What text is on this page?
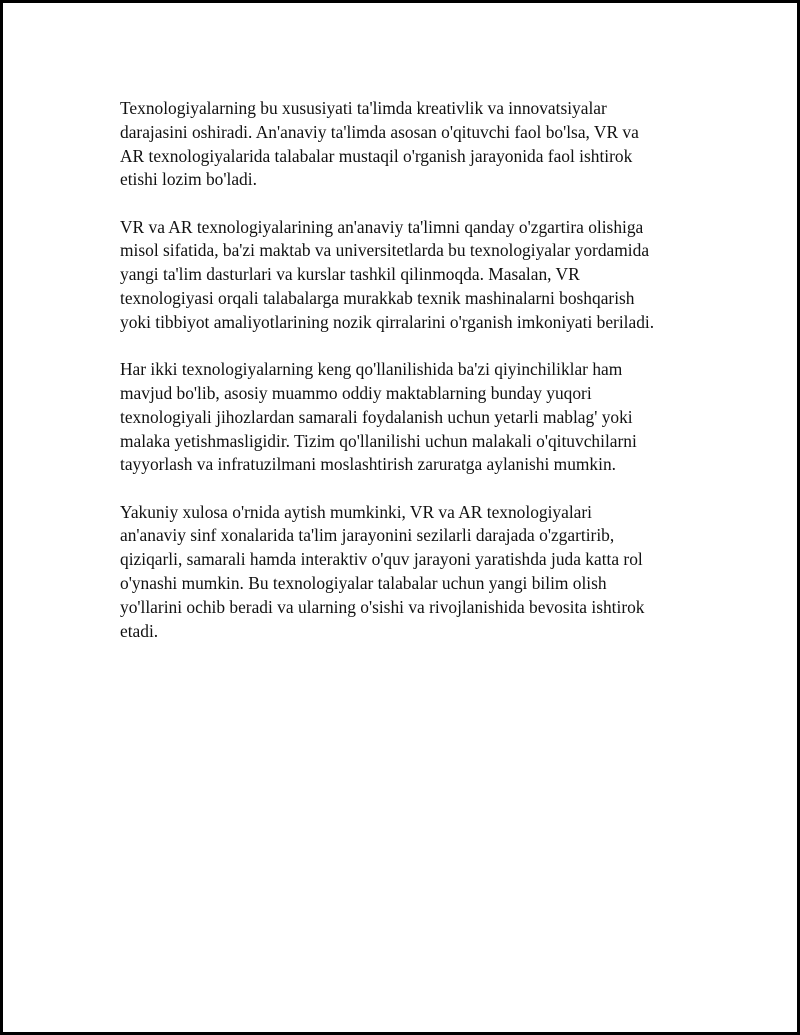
Texnologiyalarning bu xususiyati ta'limda kreativlik va innovatsiyalar
darajasini oshiradi. An'anaviy ta'limda asosan o'qituvchi faol bo'lsa, VR va
AR texnologiyalarida talabalar mustaqil o'rganish jarayonida faol ishtirok
etishi lozim bo'ladi.

VR va AR texnologiyalarining an'anaviy ta'limni qanday o'zgartira olishiga
misol sifatida, ba'zi maktab va universitetlarda bu texnologiyalar yordamida
yangi ta'lim dasturlari va kurslar tashkil qilinmoqda. Masalan, VR
texnologiyasi orqali talabalarga murakkab texnik mashinalarni boshqarish
yoki tibbiyot amaliyotlarining nozik qirralarini o'rganish imkoniyati beriladi.

Har ikki texnologiyalarning keng qo'llanilishida ba'zi qiyinchiliklar ham
mavjud bo'lib, asosiy muammo oddiy maktablarning bunday yuqori
texnologiyali jihozlardan samarali foydalanish uchun yetarli mablag' yoki
malaka yetishmasligidir. Tizim qo'llanilishi uchun malakali o'qituvchilarni
tayyorlash va infratuzilmani moslashtirish zaruratga aylanishi mumkin.

Yakuniy xulosa o'rnida aytish mumkinki, VR va AR texnologiyalari
an'anaviy sinf xonalarida ta'lim jarayonini sezilarli darajada o'zgartirib,
qiziqarli, samarali hamda interaktiv o'quv jarayoni yaratishda juda katta rol
o'ynashi mumkin. Bu texnologiyalar talabalar uchun yangi bilim olish
yo'llarini ochib beradi va ularning o'sishi va rivojlanishida bevosita ishtirok
etadi.
